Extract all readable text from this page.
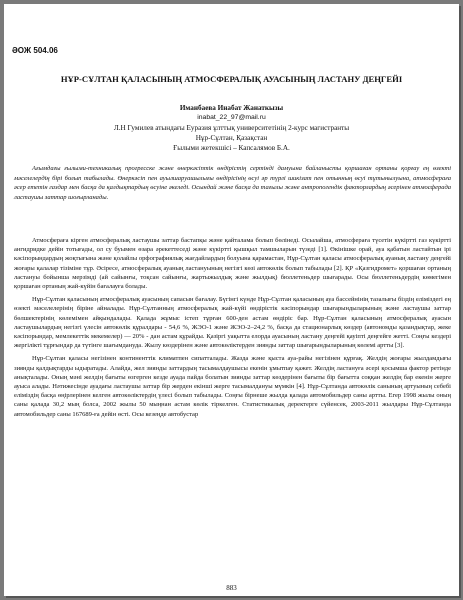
ӘОЖ 504.06
НҰР-СҰЛТАН ҚАЛАСЫНЫҢ АТМОСФЕРАЛЫҚ АУАСЫНЫҢ ЛАСТАНУ ДЕҢГЕЙІ
Иманбаева Инабат Жанаткызы
inabat_22_97@mail.ru
Л.Н Гумилев атындағы Еуразия ұлттық университетінің 2-курс магистранты
Нұр-Сұлтан, Қазақстан
Ғылыми жетекшісі – Капсалямов Б.А.

Ағымдағы ғылыми-техникалық прогресске және өнеркәсіптік өндірістің сертінді дамуына байланысты қоршаған ортаны қорғау ең өзекті мәселелердің бірі болып табылады. Өнеркәсіп пен ауылшаруашылығы өндірісінің өсуі әр түрлі шикізат пен отынның өсуі тұтынылуына, атмосфераға әсер ететін газдар мен басқа да қалдықтардың өсуіне әкеледі. Осындай және басқа да тағылы және антропогендік факторлардың әсерінен атмосферада ластаушы заттар шоғырланады.

Атмосфераға кірген атмосфералық ластаушы заттар бастапқы және қайталама болып бөлінеді. Осылайша, атмосфераға түсетін күкіртті газ күкіртті ангидридке дейін тотығады, ол су буымен өзара әрекеттеседі және күкіртті қышқыл тамшыларын түзеді [1]. Өкінішке орай, ауа қабатын ластайтын ірі кәсіпорындардың жоқтығына және қолайлы орфографиялық жағдайлардың болуына қарамастан, Нұр-Сұлтан қаласы атмосфералық ауаның ластану деңгейі жоғары қалалар тізіміне тұр. Әсіресе, атмосфералық ауаның ластануының негізгі көзі автокөлік болып табылады [2]. ҚР «Қазгидромет» қоршаған ортаның ластануы бойынша мерзімді (ай сайынғы, тоқсан сайынғы, жартыжылдық және жылдық) бюллетеньдер шығарады. Осы бюллетеньдердің көмегімен қоршаған ортаның жай-күйін бағалауға болады.

Нұр-Сұлтан қаласының атмосфералық ауасының сапасын бағалау. Бүгінгі күнде Нұр-Сұлтан қаласының ауа бассейнінің тазалығы біздің еліміздегі ең өзекті мәселелерінің біріне айналады. Нұр-Сұлтанның атмосфералық жай-күйі өндірістік кәсіпорындар шығарындыларының және ластаушы заттар бөлшектерінің көлемімен айқындалады. Қалада жұмыс істеп тұрған 600-ден астам өндіріс бар. Нұр-Сұлтан қаласының атмосфералық ауасын ластаушылардың негізгі үлесін автокөлік құралдары - 54,6 %, ЖЭО-1 және ЖЭО-2–24,2 %, басқа да стационарлық көздер (автономды қазандықтар, жеке кәсіпорындар, мемлекеттік мекемелер) — 20% - дан астам құрайды. Қазіргі уақытта елорда ауасының ластану деңгейі қауіпті деңгейге жетті. Соңғы кездері жергілікті тұрғындар да түтінге шағымдануда. Жылу көздерінен және автокөліктерден зиянды заттар шығарындыларының көлемі артты [3].

Нұр-Сұлтан қаласы негізінен континенттік климатпен сипатталады. Жазда және қыста ауа-райы негізінен құрғақ. Желдің жоғары жылдамдығы зиянды қалдықтарды ыдыратады. Алайда, жел зиянды заттардың тасымалдаушысы екенін ұмытпау қажет. Желдің ластануға әсері қосымша фактор ретінде анықталады. Оның мәні желдің бағыты өзгерген кезде ауада пайда болатын зиянды заттар көздерінен бағыты бір бағытта соққан желдің бар екенін жерге ауыса алады. Нәтижесінде ауадағы ластаушы заттар бір жерден екінші жерге тасымалдануы мүмкін [4]. Нұр-Сұлтанда автокөлік санының артуының себебі еліміздің басқа өңірлерінен келген автокөліктердің үлесі болып табылады. Соңғы бірнеше жылда қалада автомобильдер саны артты. Егер 1998 жылы оның саны қалада 30,2 мың болса, 2002 жылы 50 мыңнан астам көлік тіркелген. Статистикалық деректерге сүйенсек, 2003-2011 жылдары Нұр-Сұлтанда автомобильдер саны 167689-ға дейін өсті. Осы кезеңде автобустар

883
